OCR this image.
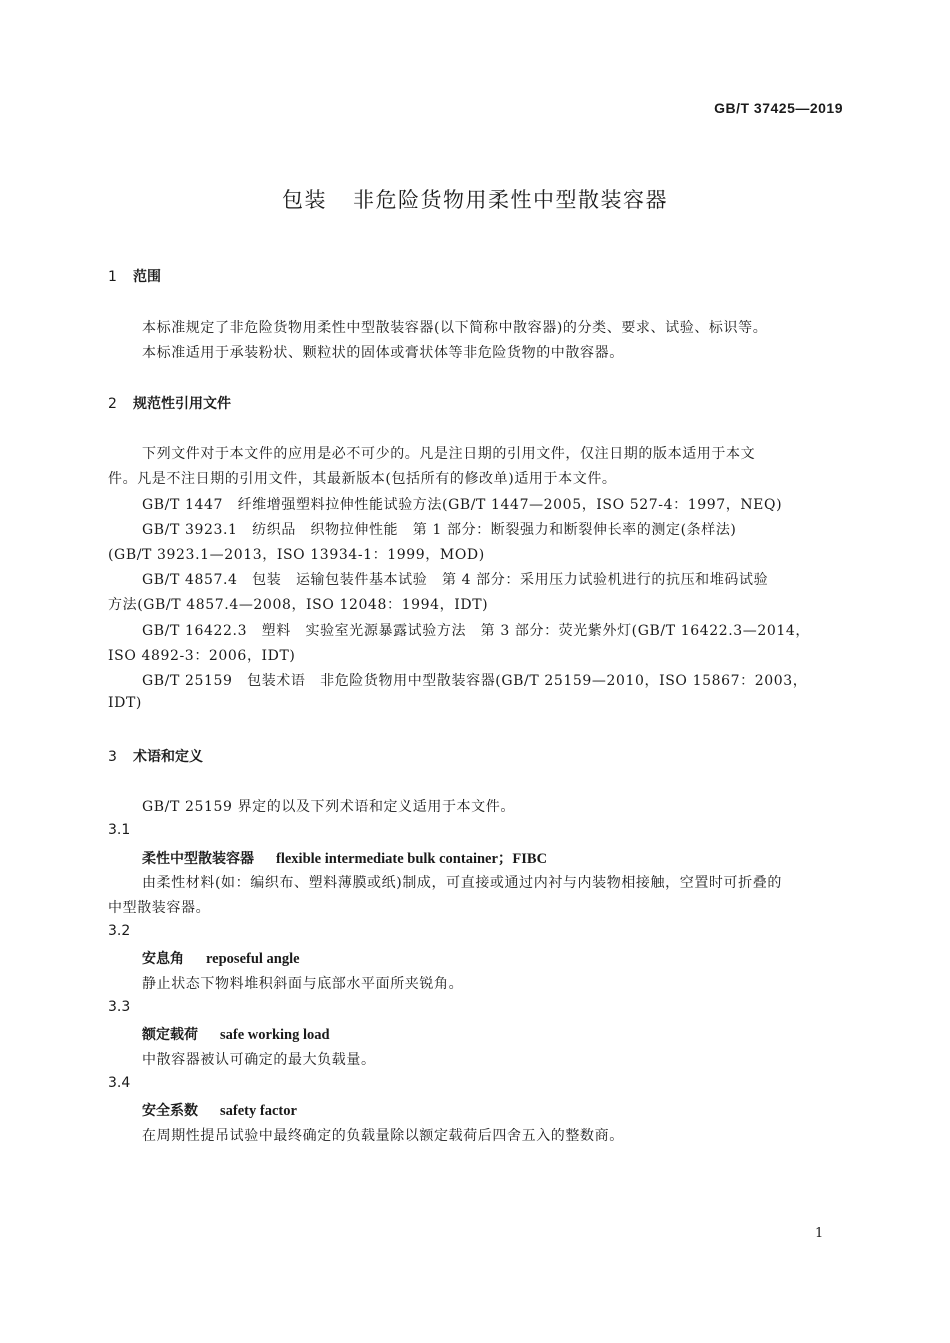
GB/T 37425—2019
包装 非危险货物用柔性中型散装容器
1 范围
本标准规定了非危险货物用柔性中型散装容器(以下简称中散容器)的分类、要求、试验、标识等。
本标准适用于承装粉状、颗粒状的固体或膏状体等非危险货物的中散容器。
2 规范性引用文件
下列文件对于本文件的应用是必不可少的。凡是注日期的引用文件，仅注日期的版本适用于本文
件。凡是不注日期的引用文件，其最新版本(包括所有的修改单)适用于本文件。
GB/T 1447　纤维增强塑料拉伸性能试验方法(GB/T 1447—2005，ISO 527-4：1997，NEQ)
GB/T 3923.1　纺织品　织物拉伸性能　第 1 部分：断裂强力和断裂伸长率的测定(条样法)
(GB/T 3923.1—2013，ISO 13934-1：1999，MOD)
GB/T 4857.4　包装　运输包装件基本试验　第 4 部分：采用压力试验机进行的抗压和堆码试验
方法(GB/T 4857.4—2008，ISO 12048：1994，IDT)
GB/T 16422.3　塑料　实验室光源暴露试验方法　第 3 部分：荧光紫外灯(GB/T 16422.3—2014，
ISO 4892-3：2006，IDT)
GB/T 25159　包装术语　非危险货物用中型散装容器(GB/T 25159—2010，ISO 15867：2003，
IDT)
3 术语和定义
GB/T 25159 界定的以及下列术语和定义适用于本文件。
3.1
柔性中型散装容器 flexible intermediate bulk container；FIBC
由柔性材料(如：编织布、塑料薄膜或纸)制成，可直接或通过内衬与内装物相接触，空置时可折叠的
中型散装容器。
3.2
安息角 reposeful angle
静止状态下物料堆积斜面与底部水平面所夹锐角。
3.3
额定载荷 safe working load
中散容器被认可确定的最大负载量。
3.4
安全系数 safety factor
在周期性提吊试验中最终确定的负载量除以额定载荷后四舍五入的整数商。
1
